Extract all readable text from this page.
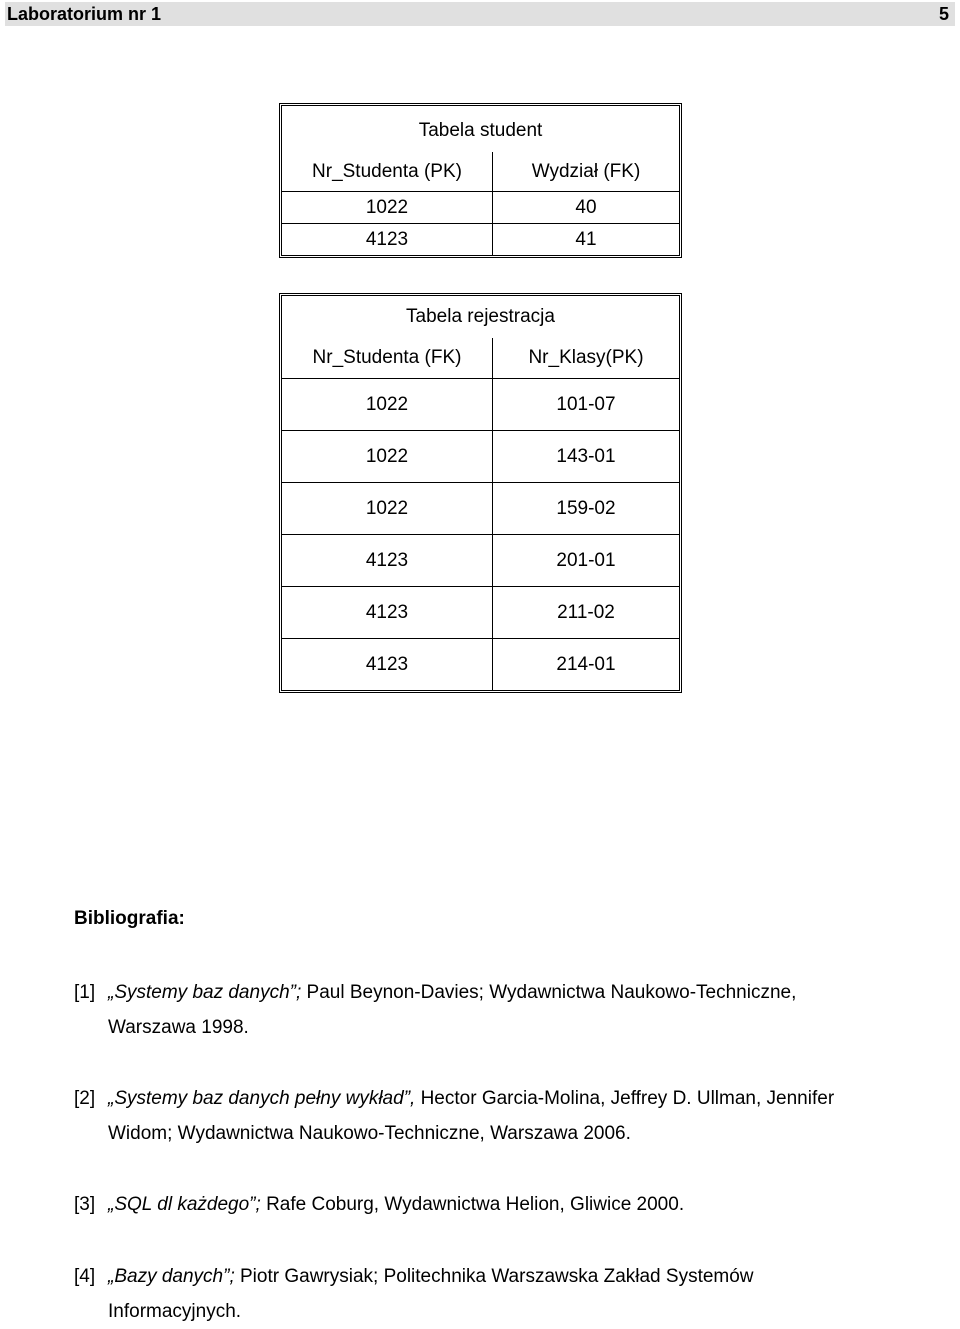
Laboratorium nr 1	5
Tabela student	
Nr_Studenta (PK)	Wydział (FK)
1022	40
4123	41
Tabela rejestracja	
Nr_Studenta (FK)	Nr_Klasy(PK)
1022	101-07
1022	143-01
1022	159-02
4123	201-01
4123	211-02
4123	214-01
Bibliografia:
[1] „Systemy baz danych”; Paul Beynon-Davies; Wydawnictwa Naukowo-Techniczne,
Warszawa 1998.
[2] „Systemy baz danych pełny wykład”, Hector Garcia-Molina, Jeffrey D. Ullman, Jennifer
Widom; Wydawnictwa Naukowo-Techniczne, Warszawa 2006.
[3] „SQL dl każdego”; Rafe Coburg, Wydawnictwa Helion, Gliwice 2000.
[4] „Bazy danych”; Piotr Gawrysiak; Politechnika Warszawska Zakład Systemów
Informacyjnych.
